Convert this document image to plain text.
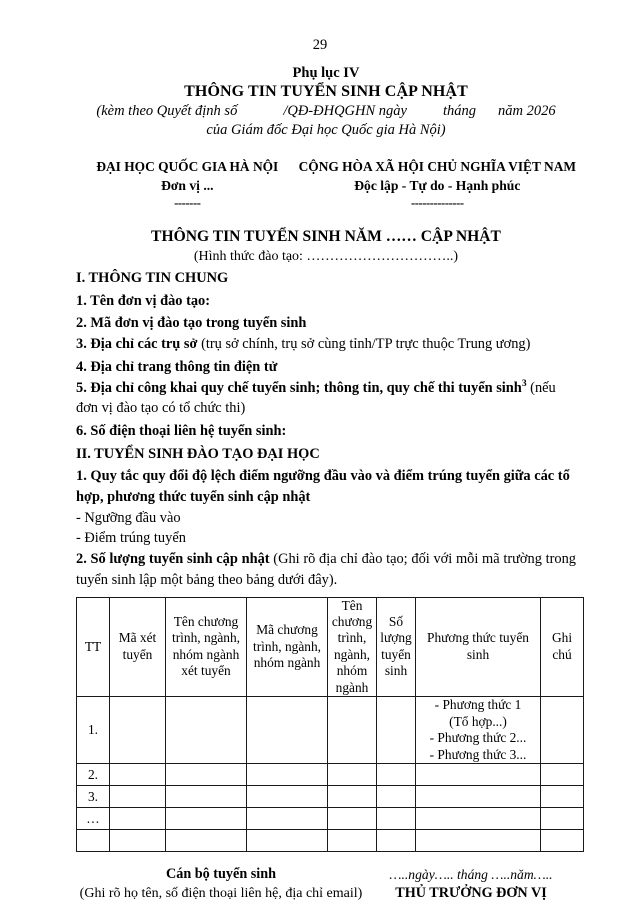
29
Phụ lục IV
THÔNG TIN TUYỂN SINH CẬP NHẬT
(kèm theo Quyết định số	/QĐ-ĐHQGHN ngày tháng năm 2026
của Giám đốc Đại học Quốc gia Hà Nội)
ĐẠI HỌC QUỐC GIA HÀ NỘI
Đơn vị ...
-------
CỘNG HÒA XÃ HỘI CHỦ NGHĨA VIỆT NAM
Độc lập - Tự do - Hạnh phúc
--------------
THÔNG TIN TUYỂN SINH NĂM …… CẬP NHẬT
(Hình thức đào tạo: …………………………..)
I. THÔNG TIN CHUNG
1. Tên đơn vị đào tạo:
2. Mã đơn vị đào tạo trong tuyển sinh
3. Địa chỉ các trụ sở (trụ sở chính, trụ sở cùng tỉnh/TP trực thuộc Trung ương)
4. Địa chỉ trang thông tin điện tử
5. Địa chỉ công khai quy chế tuyển sinh; thông tin, quy chế thi tuyển $\sinh^3$ (nếu đơn vị đào tạo có tổ chức thi)
6. Số điện thoại liên hệ tuyển sinh:
II. TUYỂN SINH ĐÀO TẠO ĐẠI HỌC
1. Quy tắc quy đổi độ lệch điểm ngưỡng đầu vào và điểm trúng tuyển giữa các tổ hợp, phương thức tuyển sinh cập nhật
- Ngưỡng đầu vào
- Điểm trúng tuyển
2. Số lượng tuyển sinh cập nhật (Ghi rõ địa chỉ đào tạo; đối với mỗi mã trường trong tuyển sinh lập một bảng theo bảng dưới đây).
TT	Mã xét tuyển	Tên chương trình, ngành, nhóm ngành xét tuyển	Mã chương trình, ngành, nhóm ngành	Tên chương trình, ngành, nhóm ngành	Số lượng tuyển sinh	Phương thức tuyển sinh	Ghi chú
1.						- Phương thức 1
(Tổ hợp...)
- Phương thức 2...
- Phương thức 3...	

2.							
3.							
…							

Cán bộ tuyển sinh
(Ghi rõ họ tên, số điện thoại liên hệ, địa chỉ email)
…..ngày….. tháng …..năm…..
THỦ TRƯỞNG ĐƠN VỊ
